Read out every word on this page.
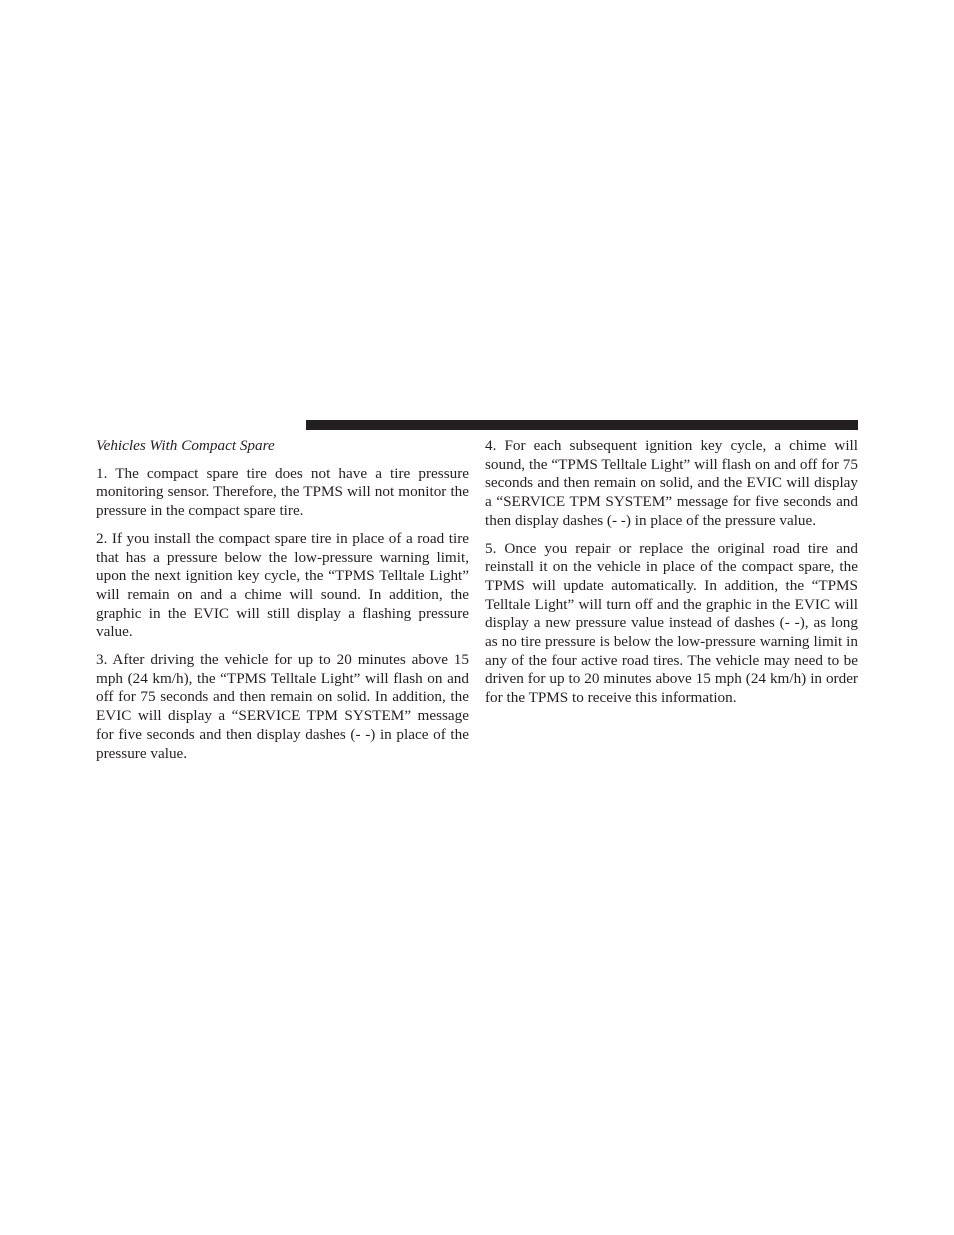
Vehicles With Compact Spare

1. The compact spare tire does not have a tire pressure monitoring sensor. Therefore, the TPMS will not monitor the pressure in the compact spare tire.

2. If you install the compact spare tire in place of a road tire that has a pressure below the low-pressure warning limit, upon the next ignition key cycle, the “TPMS Telltale Light” will remain on and a chime will sound. In addition, the graphic in the EVIC will still display a flashing pressure value.

3. After driving the vehicle for up to 20 minutes above 15 mph (24 km/h), the “TPMS Telltale Light” will flash on and off for 75 seconds and then remain on solid. In addition, the EVIC will display a “SERVICE TPM SYSTEM” message for five seconds and then display dashes (- -) in place of the pressure value.

4. For each subsequent ignition key cycle, a chime will sound, the “TPMS Telltale Light” will flash on and off for 75 seconds and then remain on solid, and the EVIC will display a “SERVICE TPM SYSTEM” message for five seconds and then display dashes (- -) in place of the pressure value.

5. Once you repair or replace the original road tire and reinstall it on the vehicle in place of the compact spare, the TPMS will update automatically. In addition, the “TPMS Telltale Light” will turn off and the graphic in the EVIC will display a new pressure value instead of dashes (- -), as long as no tire pressure is below the low-pressure warning limit in any of the four active road tires. The vehicle may need to be driven for up to 20 minutes above 15 mph (24 km/h) in order for the TPMS to receive this information.
